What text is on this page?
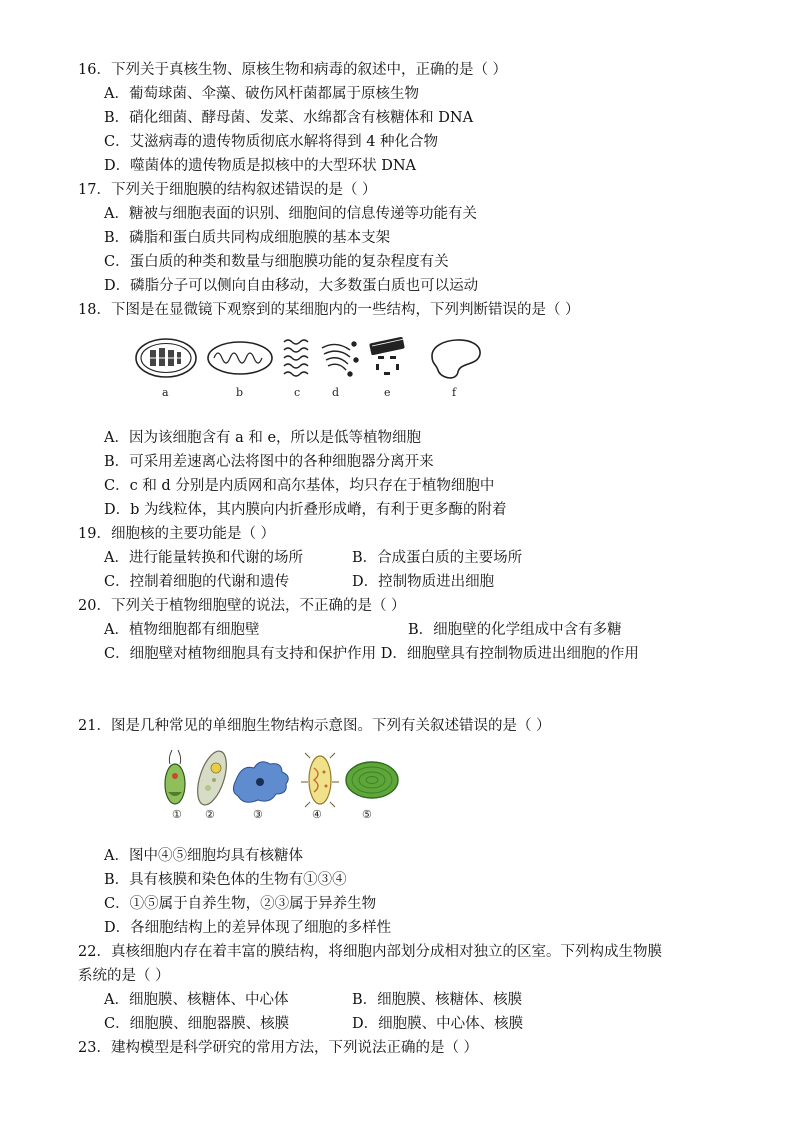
16．下列关于真核生物、原核生物和病毒的叙述中，正确的是（ ）
A．葡萄球菌、伞藻、破伤风杆菌都属于原核生物
B．硝化细菌、酵母菌、发菜、水绵都含有核糖体和 DNA
C．艾滋病毒的遗传物质彻底水解将得到 4 种化合物
D．噬菌体的遗传物质是拟核中的大型环状 DNA
17．下列关于细胞膜的结构叙述错误的是（ ）
A．糖被与细胞表面的识别、细胞间的信息传递等功能有关
B．磷脂和蛋白质共同构成细胞膜的基本支架
C．蛋白质的种类和数量与细胞膜功能的复杂程度有关
D．磷脂分子可以侧向自由移动，大多数蛋白质也可以运动
18．下图是在显微镜下观察到的某细胞内的一些结构，下列判断错误的是（ ）
a	b	c	d	e	f
A．因为该细胞含有 a 和 e，所以是低等植物细胞
B．可采用差速离心法将图中的各种细胞器分离开来
C．c 和 d 分别是内质网和高尔基体，均只存在于植物细胞中
D．b 为线粒体，其内膜向内折叠形成嵴，有利于更多酶的附着
19．细胞核的主要功能是（ ）
A．进行能量转换和代谢的场所	B．合成蛋白质的主要场所
C．控制着细胞的代谢和遗传	D．控制物质进出细胞
20．下列关于植物细胞壁的说法，不正确的是（ ）
A．植物细胞都有细胞壁	B．细胞壁的化学组成中含有多糖
C．细胞壁对植物细胞具有支持和保护作用 D．细胞壁具有控制物质进出细胞的作用
21．图是几种常见的单细胞生物结构示意图。下列有关叙述错误的是（ ）
① ②	③	④	⑤
A．图中④⑤细胞均具有核糖体
B．具有核膜和染色体的生物有①③④
C．①⑤属于自养生物，②③属于异养生物
D．各细胞结构上的差异体现了细胞的多样性
22．真核细胞内存在着丰富的膜结构，将细胞内部划分成相对独立的区室。下列构成生物膜
系统的是（ ）
A．细胞膜、核糖体、中心体	B．细胞膜、核糖体、核膜
C．细胞膜、细胞器膜、核膜	D．细胞膜、中心体、核膜
23．建构模型是科学研究的常用方法，下列说法正确的是（ ）
